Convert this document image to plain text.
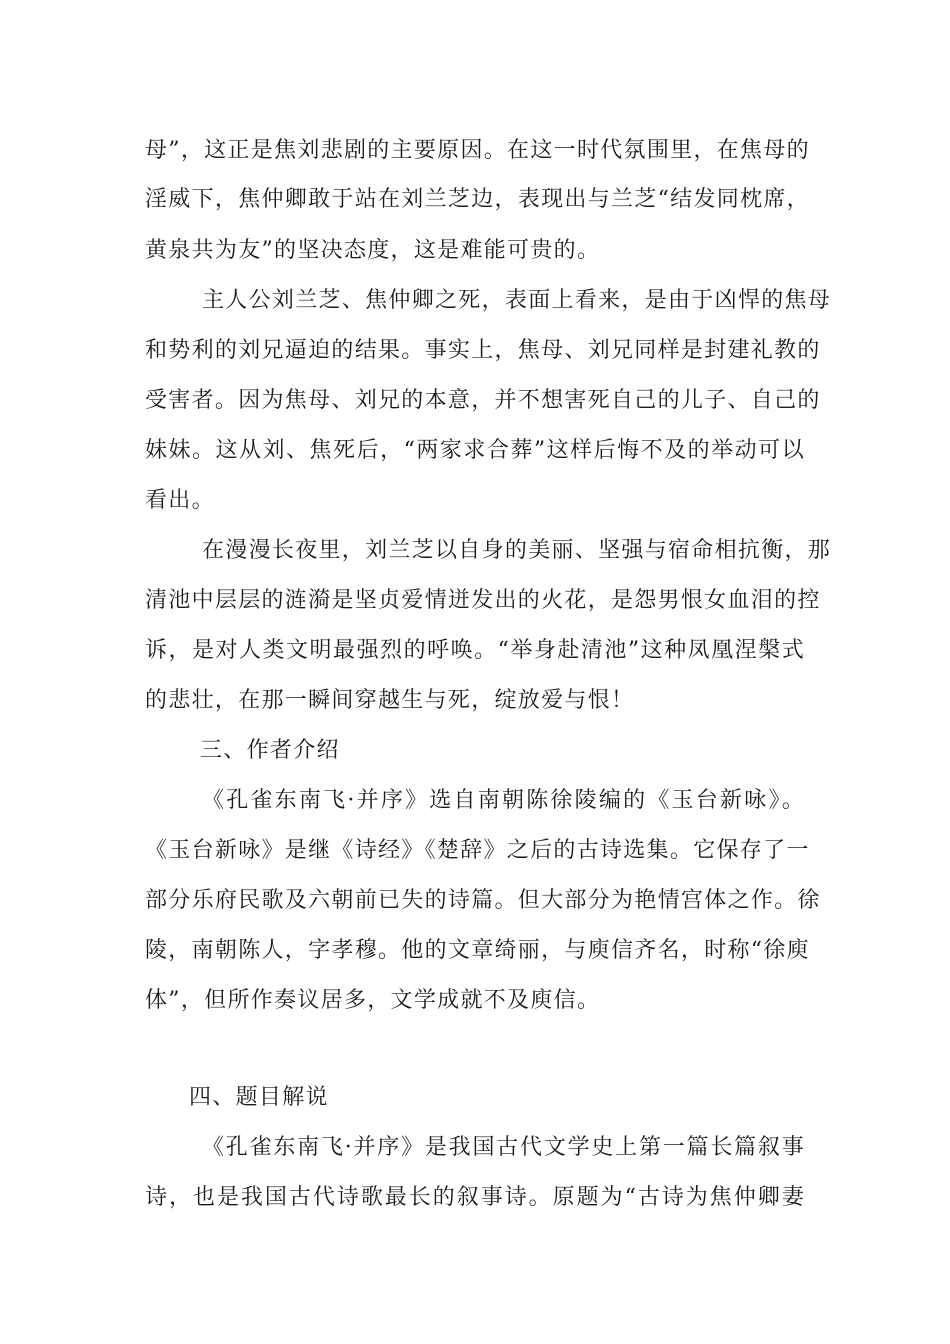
母”，这正是焦刘悲剧的主要原因。在这一时代氛围里，在焦母的
淫威下，焦仲卿敢于站在刘兰芝边，表现出与兰芝“结发同枕席，
黄泉共为友”的坚决态度，这是难能可贵的。
主人公刘兰芝、焦仲卿之死，表面上看来，是由于凶悍的焦母
和势利的刘兄逼迫的结果。事实上，焦母、刘兄同样是封建礼教的
受害者。因为焦母、刘兄的本意，并不想害死自己的儿子、自己的
妹妹。这从刘、焦死后，“两家求合葬”这样后悔不及的举动可以
看出。
在漫漫长夜里，刘兰芝以自身的美丽、坚强与宿命相抗衡，那
清池中层层的涟漪是坚贞爱情迸发出的火花，是怨男恨女血泪的控
诉，是对人类文明最强烈的呼唤。“举身赴清池”这种凤凰涅槃式
的悲壮，在那一瞬间穿越生与死，绽放爱与恨！
三、作者介绍
《孔雀东南飞·并序》选自南朝陈徐陵编的《玉台新咏》。
《玉台新咏》是继《诗经》《楚辞》之后的古诗选集。它保存了一
部分乐府民歌及六朝前已失的诗篇。但大部分为艳情宫体之作。徐
陵，南朝陈人，字孝穆。他的文章绮丽，与庾信齐名，时称“徐庾
体”，但所作奏议居多，文学成就不及庾信。
四、题目解说
《孔雀东南飞·并序》是我国古代文学史上第一篇长篇叙事
诗，也是我国古代诗歌最长的叙事诗。原题为“古诗为焦仲卿妻
